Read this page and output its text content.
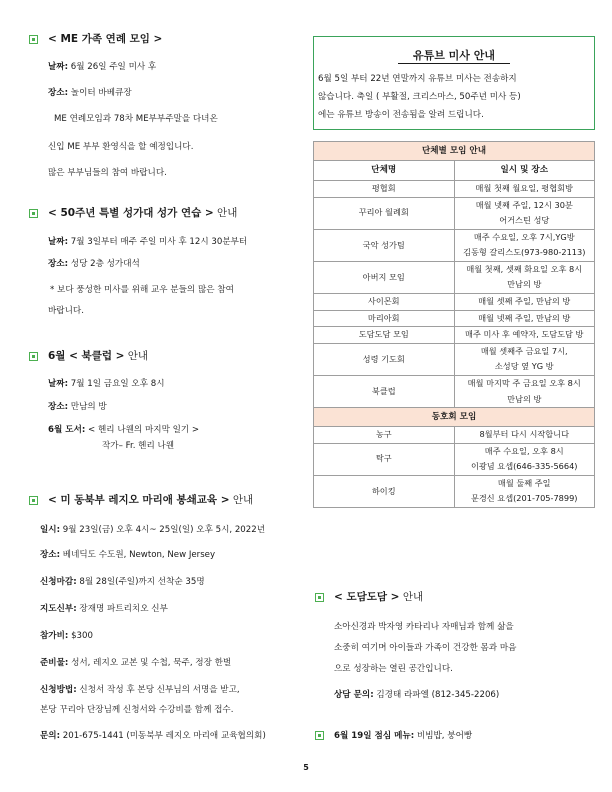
< ME 가족 연례 모임 >
날짜: 6월 26일 주일 미사 후
장소: 놀이터 바베큐장
ME 연례모임과 78차 ME부부주말을 다녀온
신입 ME 부부 환영식을 할 예정입니다.
많은 부부님들의 참여 바랍니다.
< 50주년 특별 성가대 성가 연습 > 안내
날짜: 7월 3일부터 매주 주일 미사 후 12시 30분부터
장소: 성당 2층 성가대석
* 보다 풍성한 미사를 위해 교우 분들의 많은 참여
바랍니다.
6월 < 북클럽 > 안내
날짜: 7월 1일 금요일 오후 8시
장소: 만남의 방
6월 도서: < 헨리 나웬의 마지막 일기 >
작가– Fr. 헨리 나웬
< 미 동북부 레지오 마리애 봉쇄교육 > 안내
일시: 9월 23일(금) 오후 4시~ 25일(일) 오후 5시, 2022년
장소: 베네딕도 수도원, Newton, New Jersey
신청마감: 8월 28일(주일)까지 선착순 35명
지도신부: 장재명 파트리치오 신부
참가비: $300
준비물: 성서, 레지오 교본 및 수첩, 묵주, 정장 한벌
신청방법: 신청서 작성 후 본당 신부님의 서명을 받고,
본당 꾸리아 단장님께 신청서와 수강비를 함께 접수.
문의: 201-675-1441 (미동북부 레지오 마리애 교육협의회)
유튜브 미사 안내
6월 5일 부터 22년 연말까지 유튜브 미사는 전송하지
않습니다. 축일 ( 부활절, 크리스마스, 50주년 미사 등)
에는 유튜브 방송이 전송됨을 알려 드립니다.
단체별 모임 안내	
단체명	일시 및 장소
평협회	매월 첫째 월요일, 평협회방
꾸리아 월례회	매월 넷째 주일, 12시 30분
어거스틴 성당
국악 성가팀	매주 수요일, 오후 7시,YG방
김동형 갈리스도(973-980-2113)
아버지 모임	매월 첫째, 셋째 화요일 오후 8시
만남의 방
사이몬회	매월 셋째 주일, 만남의 방
마리아회	매월 넷째 주일, 만남의 방
도담도담 모임	매주 미사 후 예약자, 도담도담 방
성령 기도회	매월 셋째주 금요일 7시,
소성당 옆 YG 방
북클럽	매월 마지막 주 금요일 오후 8시
만남의 방
동호회 모임	
농구	8월부터 다시 시작합니다
탁구	매주 수요일, 오후 8시
이광념 요셉(646-335-5664)
하이킹	매월 둘째 주일
문경신 요셉(201-705-7899)
< 도담도담 > 안내
소아신경과 박자영 카타리나 자매님과 함께 삶을
소중히 여기며 아이들과 가족이 건강한 몸과 마음
으로 성장하는 열린 공간입니다.
상담 문의: 김경태 라파엘 (812-345-2206)
6월 19일 점심 메뉴: 비빔밥, 붕어빵
5
